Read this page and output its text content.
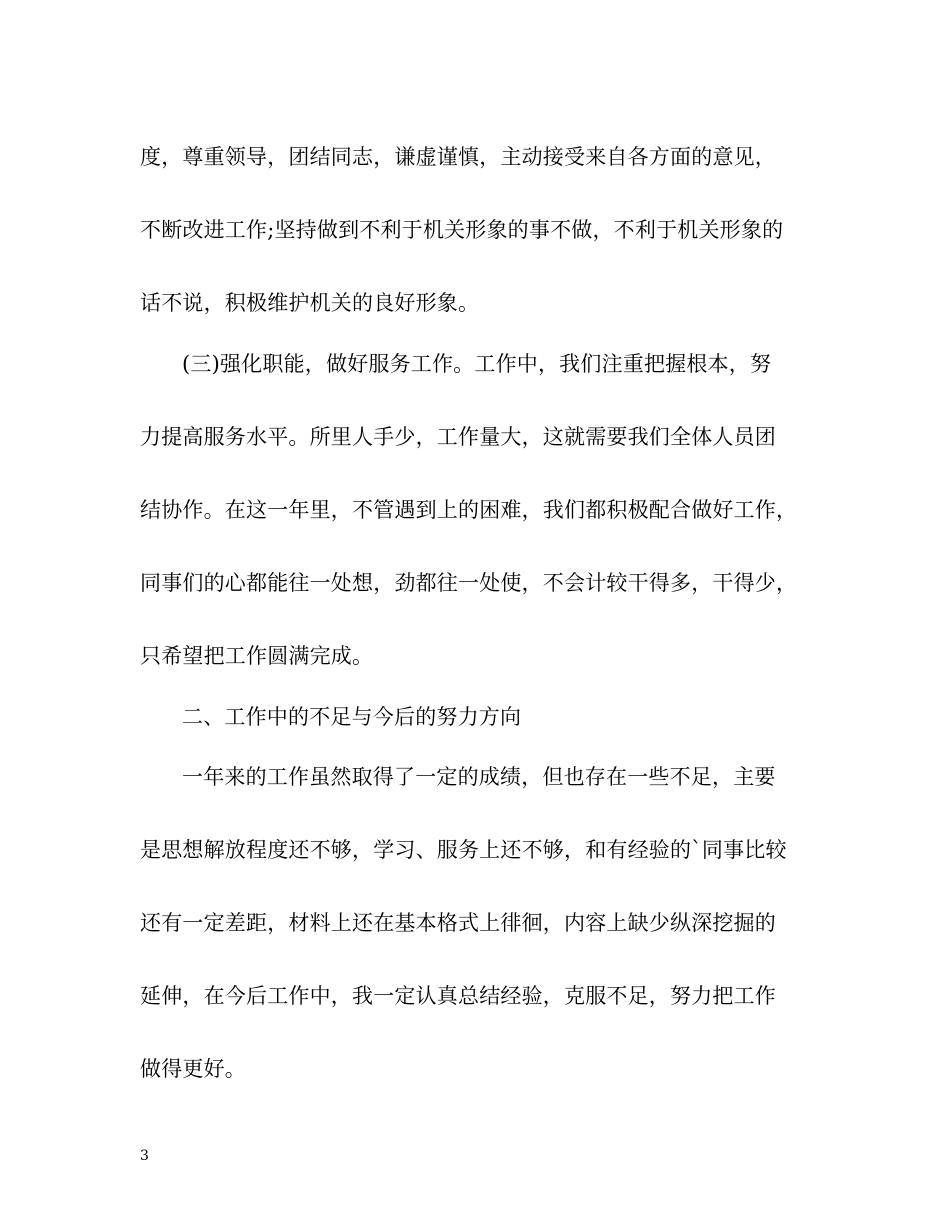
度，尊重领导，团结同志，谦虚谨慎，主动接受来自各方面的意见，
不断改进工作;坚持做到不利于机关形象的事不做，不利于机关形象的
话不说，积极维护机关的良好形象。
(三)强化职能，做好服务工作。工作中，我们注重把握根本，努
力提高服务水平。所里人手少，工作量大，这就需要我们全体人员团
结协作。在这一年里，不管遇到上的困难，我们都积极配合做好工作，
同事们的心都能往一处想，劲都往一处使，不会计较干得多，干得少，
只希望把工作圆满完成。
二、工作中的不足与今后的努力方向
一年来的工作虽然取得了一定的成绩，但也存在一些不足，主要
是思想解放程度还不够，学习、服务上还不够，和有经验的`同事比较
还有一定差距，材料上还在基本格式上徘徊，内容上缺少纵深挖掘的
延伸，在今后工作中，我一定认真总结经验，克服不足，努力把工作
做得更好。
3
